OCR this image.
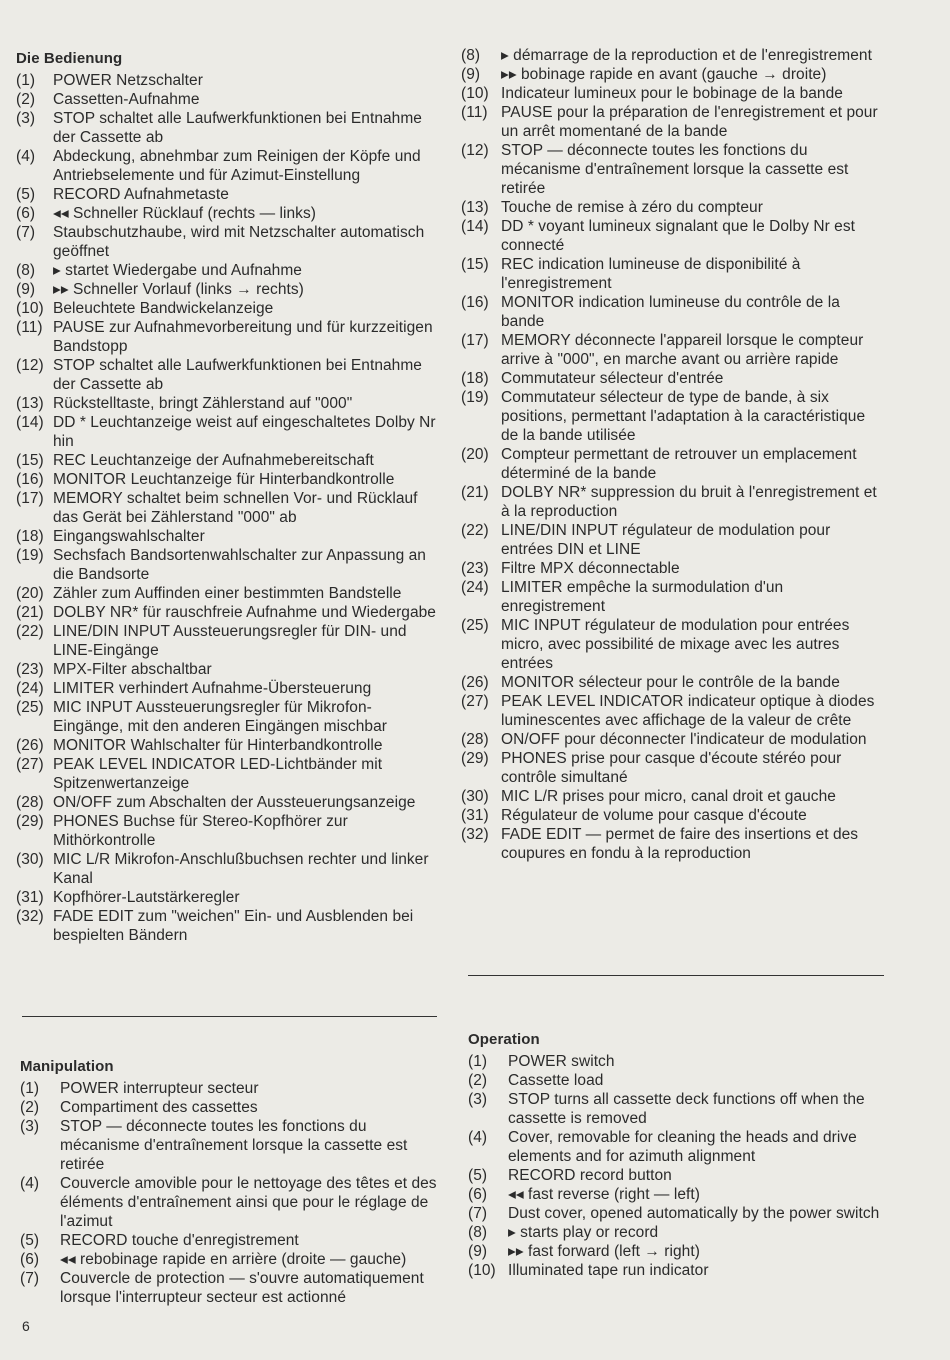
Die Bedienung
(1)	POWER Netzschalter
(2)	Cassetten-Aufnahme
(3)	STOP schaltet alle Laufwerkfunktionen bei Entnahme der Cassette ab
(4)	Abdeckung, abnehmbar zum Reinigen der Köpfe und Antriebselemente und für Azimut-Einstellung
(5)	RECORD Aufnahmetaste
(6)	◂◂ Schneller Rücklauf (rechts — links)
(7)	Staubschutzhaube, wird mit Netzschalter automatisch geöffnet
(8)	▸ startet Wiedergabe und Aufnahme
(9)	▸▸ Schneller Vorlauf (links → rechts)
(10) Beleuchtete Bandwickelanzeige
(11) PAUSE zur Aufnahmevorbereitung und für kurzzeitigen Bandstopp
(12) STOP schaltet alle Laufwerkfunktionen bei Entnahme der Cassette ab
(13) Rückstelltaste, bringt Zählerstand auf "000"
(14) DD * Leuchtanzeige weist auf eingeschaltetes Dolby Nr hin
(15) REC Leuchtanzeige der Aufnahmebereitschaft
(16) MONITOR Leuchtanzeige für Hinterbandkontrolle
(17) MEMORY schaltet beim schnellen Vor- und Rücklauf das Gerät bei Zählerstand "000" ab
(18) Eingangswahlschalter
(19) Sechsfach Bandsortenwahlschalter zur Anpassung an die Bandsorte
(20) Zähler zum Auffinden einer bestimmten Bandstelle
(21) DOLBY NR* für rauschfreie Aufnahme und Wiedergabe
(22) LINE/DIN INPUT Aussteuerungsregler für DIN- und LINE-Eingänge
(23) MPX-Filter abschaltbar
(24) LIMITER verhindert Aufnahme-Übersteuerung
(25) MIC INPUT Aussteuerungsregler für Mikrofon-Eingänge, mit den anderen Eingängen mischbar
(26) MONITOR Wahlschalter für Hinterbandkontrolle
(27) PEAK LEVEL INDICATOR LED-Lichtbänder mit Spitzenwertanzeige
(28) ON/OFF zum Abschalten der Aussteuerungsanzeige
(29) PHONES Buchse für Stereo-Kopfhörer zur Mithörkontrolle
(30) MIC L/R Mikrofon-Anschlußbuchsen rechter und linker Kanal
(31) Kopfhörer-Lautstärkeregler
(32) FADE EDIT zum "weichen" Ein- und Ausblenden bei bespielten Bändern
(8)	▸ démarrage de la reproduction et de l'enregistrement
(9)	▸▸ bobinage rapide en avant (gauche → droite)
(10) Indicateur lumineux pour le bobinage de la bande
(11) PAUSE pour la préparation de l'enregistrement et pour un arrêt momentané de la bande
(12) STOP — déconnecte toutes les fonctions du mécanisme d'entraînement lorsque la cassette est retirée
(13) Touche de remise à zéro du compteur
(14) DD * voyant lumineux signalant que le Dolby Nr est connecté
(15) REC indication lumineuse de disponibilité à l'enregistrement
(16) MONITOR indication lumineuse du contrôle de la bande
(17) MEMORY déconnecte l'appareil lorsque le compteur arrive à "000", en marche avant ou arrière rapide
(18) Commutateur sélecteur d'entrée
(19) Commutateur sélecteur de type de bande, à six positions, permettant l'adaptation à la caractéristique de la bande utilisée
(20) Compteur permettant de retrouver un emplacement déterminé de la bande
(21) DOLBY NR* suppression du bruit à l'enregistrement et à la reproduction
(22) LINE/DIN INPUT régulateur de modulation pour entrées DIN et LINE
(23) Filtre MPX déconnectable
(24) LIMITER empêche la surmodulation d'un enregistrement
(25) MIC INPUT régulateur de modulation pour entrées micro, avec possibilité de mixage avec les autres entrées
(26) MONITOR sélecteur pour le contrôle de la bande
(27) PEAK LEVEL INDICATOR indicateur optique à diodes luminescentes avec affichage de la valeur de crête
(28) ON/OFF pour déconnecter l'indicateur de modulation
(29) PHONES prise pour casque d'écoute stéréo pour contrôle simultané
(30) MIC L/R prises pour micro, canal droit et gauche
(31) Régulateur de volume pour casque d'écoute
(32) FADE EDIT — permet de faire des insertions et des coupures en fondu à la reproduction
Manipulation
(1)	POWER interrupteur secteur
(2)	Compartiment des cassettes
(3)	STOP — déconnecte toutes les fonctions du mécanisme d'entraînement lorsque la cassette est retirée
(4)	Couvercle amovible pour le nettoyage des têtes et des éléments d'entraînement ainsi que pour le réglage de l'azimut
(5)	RECORD touche d'enregistrement
(6)	◂◂ rebobinage rapide en arrière (droite — gauche)
(7)	Couvercle de protection — s'ouvre automatiquement lorsque l'interrupteur secteur est actionné
Operation
(1)	POWER switch
(2)	Cassette load
(3)	STOP turns all cassette deck functions off when the cassette is removed
(4)	Cover, removable for cleaning the heads and drive elements and for azimuth alignment
(5)	RECORD record button
(6)	◂◂ fast reverse (right — left)
(7)	Dust cover, opened automatically by the power switch
(8)	▸ starts play or record
(9)	▸▸ fast forward (left → right)
(10) Illuminated tape run indicator
6
